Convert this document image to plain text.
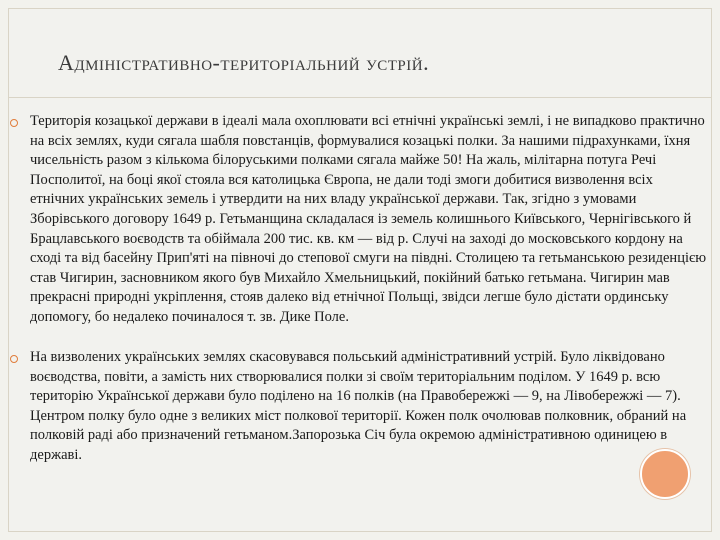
Адміністративно-територіальний устрій.
Територія козацької держави в ідеалі мала охоплювати всі етнічні українські землі, і не випадково практично на всіх землях, куди сягала шабля повстанців, формувалися козацькі полки. За нашими підрахунками, їхня чисельність разом з кількома білоруськими полками сягала майже 50! На жаль, мілітарна потуга Речі Посполитої, на боці якої стояла вся католицька Європа, не дали тоді змоги добитися визволення всіх етнічних українських земель і утвердити на них владу української держави. Так, згідно з умовами Зборівського договору 1649 р. Гетьманщина складалася із земель колишнього Київського, Чернігівського й Брацлавського воєводств та обіймала 200 тис. кв. км — від р. Случі на заході до московського кордону на сході та від басейну Прип'яті на півночі до степової смуги на півдні. Столицею та гетьманською резиденцією став Чигирин, засновником якого був Михайло Хмельницький, покійний батько гетьмана. Чигирин мав прекрасні природні укріплення, стояв далеко від етнічної Польщі, звідси легше було дістати ординську допомогу, бо недалеко починалося т. зв. Дике Поле.
На визволених українських землях скасовувався польський адміністративний устрій. Було ліквідовано воєводства, повіти, а замість них створювалися полки зі своїм територіальним поділом. У 1649 р. всю територію Української держави було поділено на 16 полків (на Правобережжі — 9, на Лівобережжі — 7). Центром полку було одне з великих міст полкової території. Кожен полк очолював полковник, обраний на полковій раді або призначений гетьманом.Запорозька Січ була окремою адміністративною одиницею в державі.
